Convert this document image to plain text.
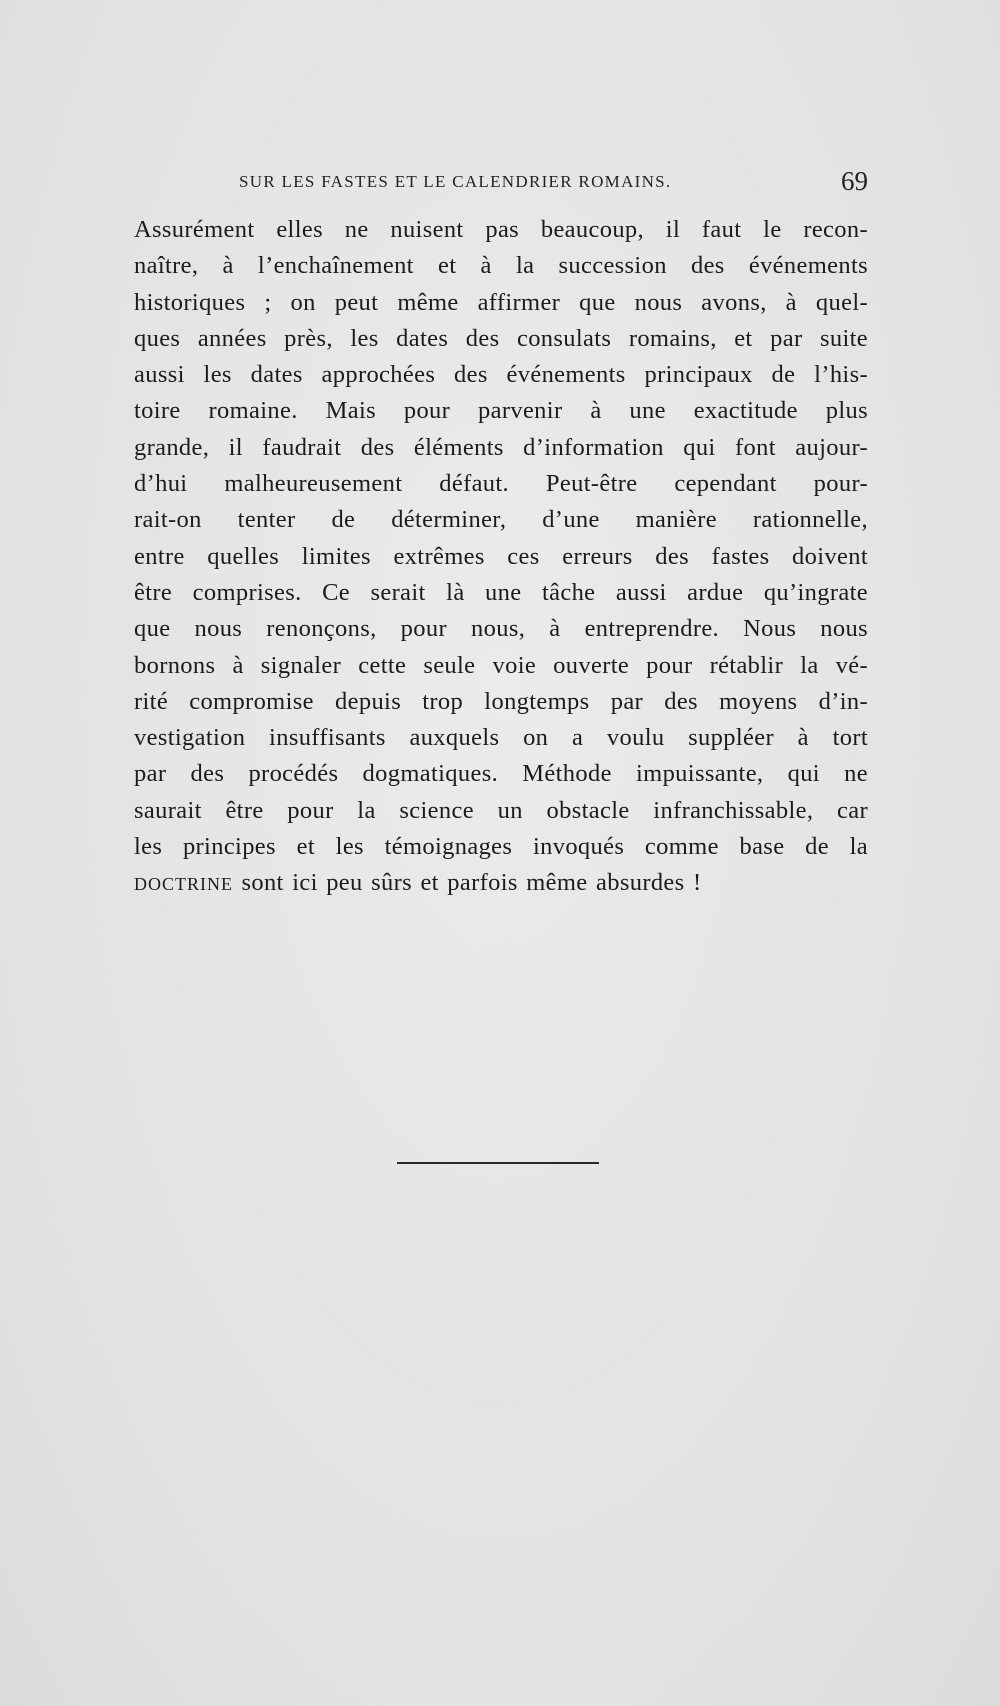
SUR LES FASTES ET LE CALENDRIER ROMAINS.	69
Assurément elles ne nuisent pas beaucoup, il faut le recon-
naître, à l’enchaînement et à la succession des événements
historiques ; on peut même affirmer que nous avons, à quel-
ques années près, les dates des consulats romains, et par suite
aussi les dates approchées des événements principaux de l’his-
toire romaine. Mais pour parvenir à une exactitude plus
grande, il faudrait des éléments d’information qui font aujour-
d’hui malheureusement défaut. Peut-être cependant pour-
rait-on tenter de déterminer, d’une manière rationnelle,
entre quelles limites extrêmes ces erreurs des fastes doivent
être comprises. Ce serait là une tâche aussi ardue qu’ingrate
que nous renonçons, pour nous, à entreprendre. Nous nous
bornons à signaler cette seule voie ouverte pour rétablir la vé-
rité compromise depuis trop longtemps par des moyens d’in-
vestigation insuffisants auxquels on a voulu suppléer à tort
par des procédés dogmatiques. Méthode impuissante, qui ne
saurait être pour la science un obstacle infranchissable, car
les principes et les témoignages invoqués comme base de la
DOCTRINE sont ici peu sûrs et parfois même absurdes !
